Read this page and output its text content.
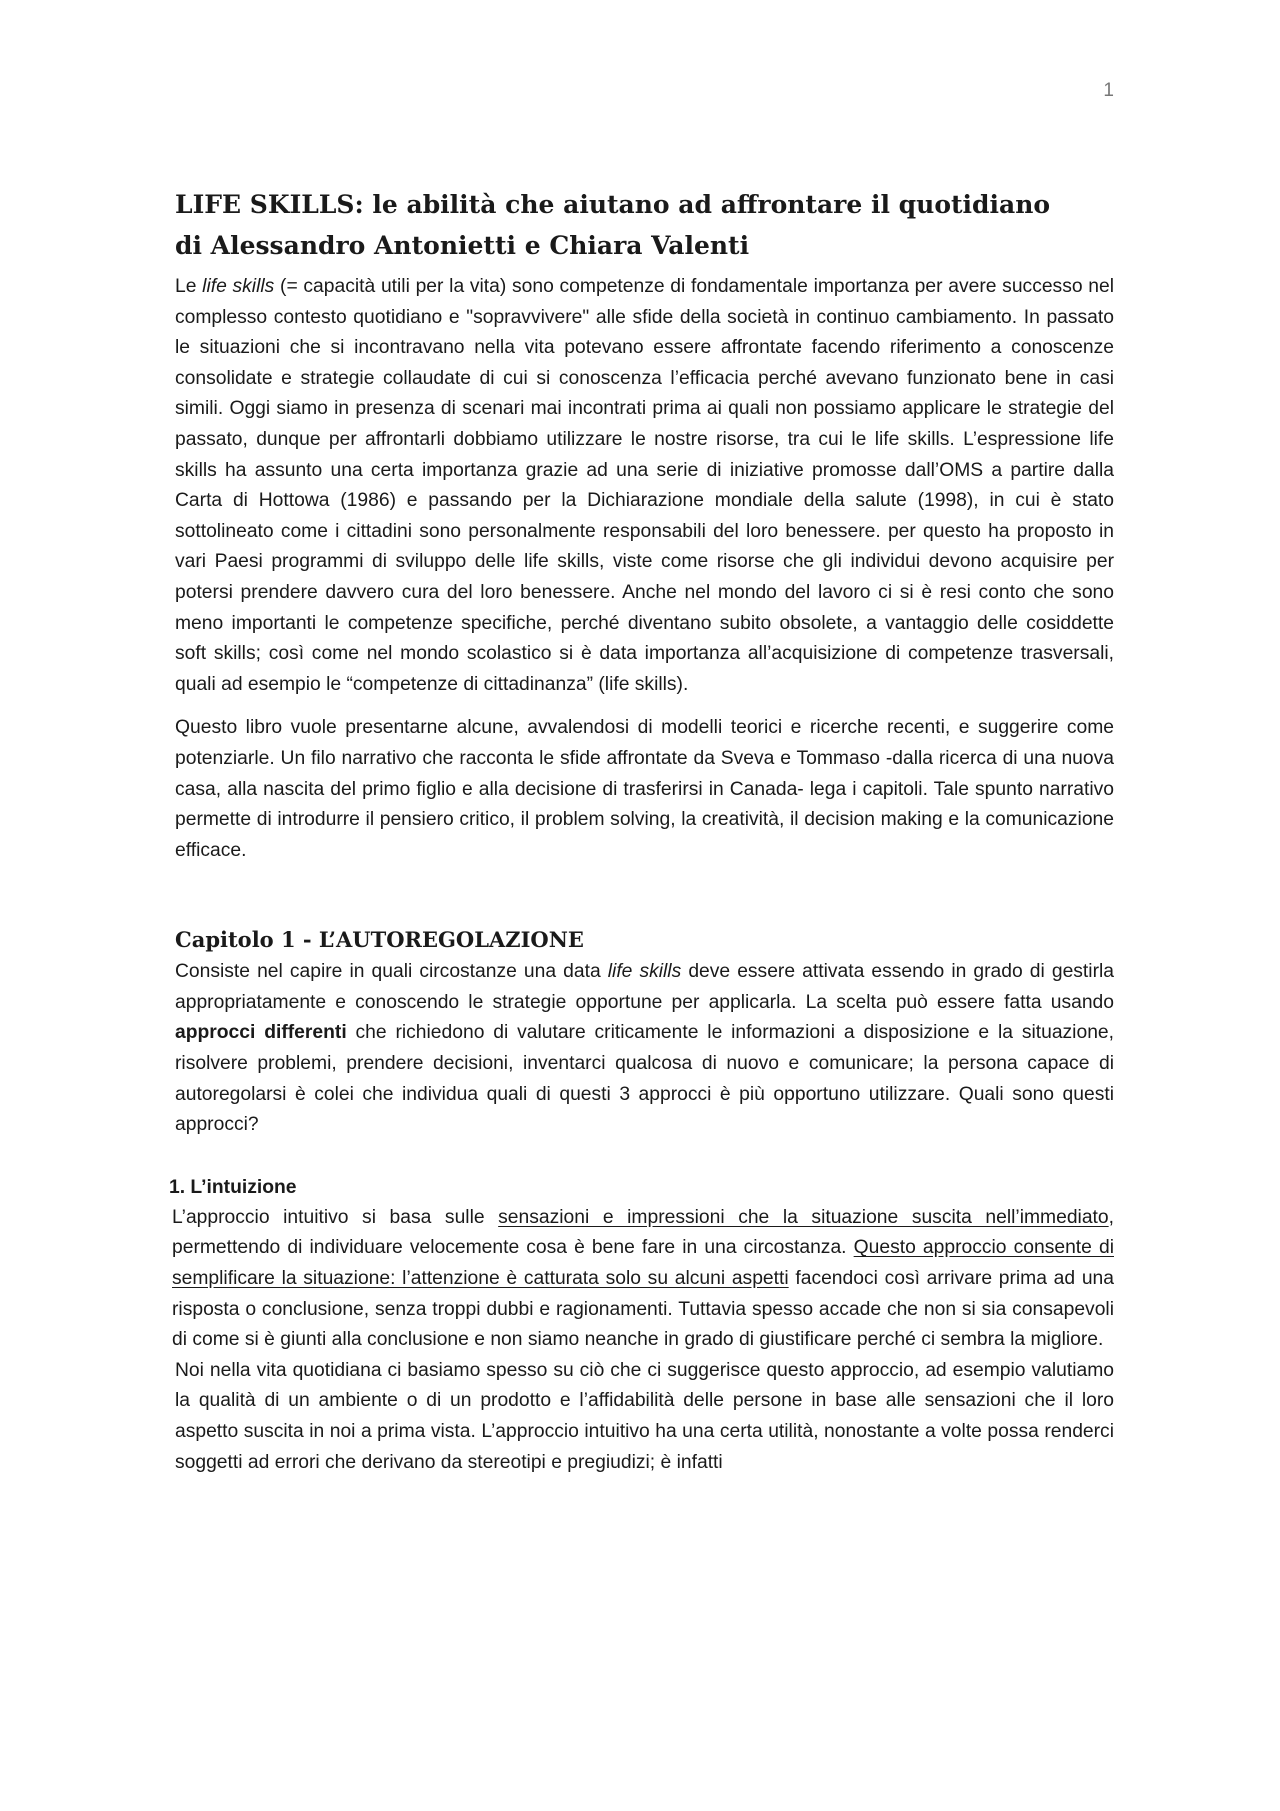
1
LIFE SKILLS: le abilità che aiutano ad affrontare il quotidiano
di Alessandro Antonietti e Chiara Valenti

Le life skills (= capacità utili per la vita) sono competenze di fondamentale importanza per avere successo nel complesso contesto quotidiano e "sopravvivere" alle sfide della società in continuo cambiamento. In passato le situazioni che si incontravano nella vita potevano essere affrontate facendo riferimento a conoscenze consolidate e strategie collaudate di cui si conoscenza l’efficacia perché avevano funzionato bene in casi simili. Oggi siamo in presenza di scenari mai incontrati prima ai quali non possiamo applicare le strategie del passato, dunque per affrontarli dobbiamo utilizzare le nostre risorse, tra cui le life skills. L’espressione life skills ha assunto una certa importanza grazie ad una serie di iniziative promosse dall’OMS a partire dalla Carta di Hottowa (1986) e passando per la Dichiarazione mondiale della salute (1998), in cui è stato sottolineato come i cittadini sono personalmente responsabili del loro benessere. per questo ha proposto in vari Paesi programmi di sviluppo delle life skills, viste come risorse che gli individui devono acquisire per potersi prendere davvero cura del loro benessere. Anche nel mondo del lavoro ci si è resi conto che sono meno importanti le competenze specifiche, perché diventano subito obsolete, a vantaggio delle cosiddette soft skills; così come nel mondo scolastico si è data importanza all’acquisizione di competenze trasversali, quali ad esempio le “competenze di cittadinanza” (life skills).

Questo libro vuole presentarne alcune, avvalendosi di modelli teorici e ricerche recenti, e suggerire come potenziarle. Un filo narrativo che racconta le sfide affrontate da Sveva e Tommaso -dalla ricerca di una nuova casa, alla nascita del primo figlio e alla decisione di trasferirsi in Canada- lega i capitoli. Tale spunto narrativo permette di introdurre il pensiero critico, il problem solving, la creatività, il decision making e la comunicazione efficace.

Capitolo 1 - L’AUTOREGOLAZIONE

Consiste nel capire in quali circostanze una data life skills deve essere attivata essendo in grado di gestirla appropriatamente e conoscendo le strategie opportune per applicarla. La scelta può essere fatta usando approcci differenti che richiedono di valutare criticamente le informazioni a disposizione e la situazione, risolvere problemi, prendere decisioni, inventarci qualcosa di nuovo e comunicare; la persona capace di autoregolarsi è colei che individua quali di questi 3 approcci è più opportuno utilizzare. Quali sono questi approcci?

1. L’intuizione

L’approccio intuitivo si basa sulle sensazioni e impressioni che la situazione suscita nell’immediato, permettendo di individuare velocemente cosa è bene fare in una circostanza. Questo approccio consente di semplificare la situazione: l’attenzione è catturata solo su alcuni aspetti facendoci così arrivare prima ad una risposta o conclusione, senza troppi dubbi e ragionamenti. Tuttavia spesso accade che non si sia consapevoli di come si è giunti alla conclusione e non siamo neanche in grado di giustificare perché ci sembra la migliore.

Noi nella vita quotidiana ci basiamo spesso su ciò che ci suggerisce questo approccio, ad esempio valutiamo la qualità di un ambiente o di un prodotto e l’affidabilità delle persone in base alle sensazioni che il loro aspetto suscita in noi a prima vista. L’approccio intuitivo ha una certa utilità, nonostante a volte possa renderci soggetti ad errori che derivano da stereotipi e pregiudizi; è infatti
